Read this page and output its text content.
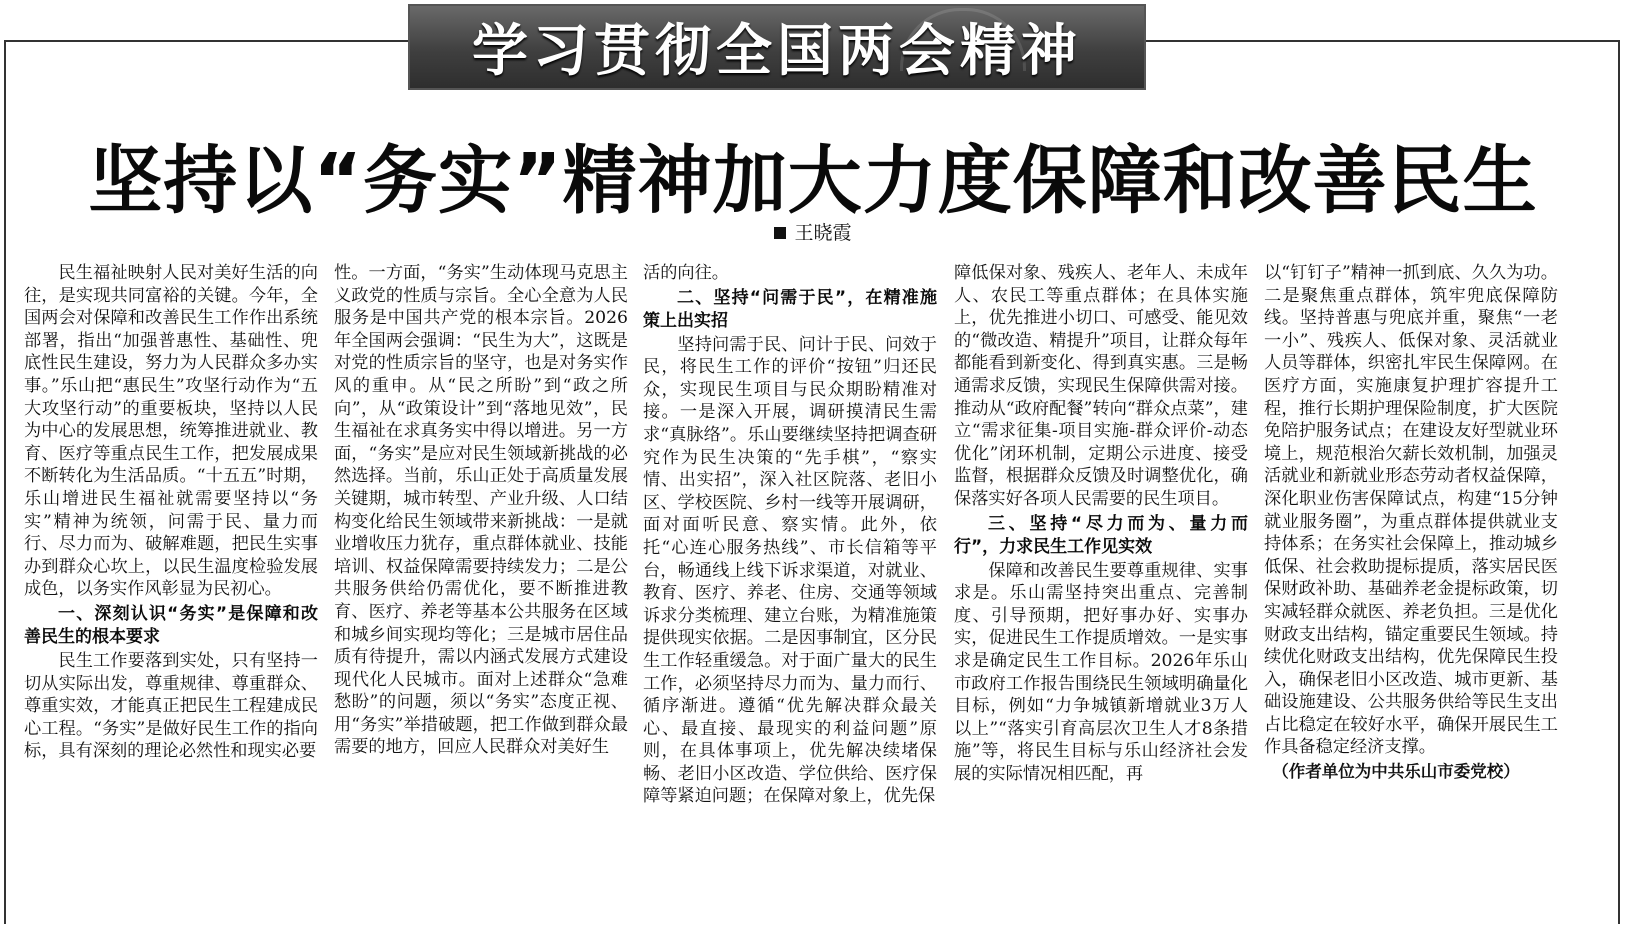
学习贯彻全国两会精神
坚持以“务实”精神加大力度保障和改善民生
王晓霞

民生福祉映射人民对美好生活的向往，是实现共同富裕的关键。今年，全国两会对保障和改善民生工作作出系统部署，指出“加强普惠性、基础性、兜底性民生建设，努力为人民群众多办实事。”乐山把“惠民生”攻坚行动作为“五大攻坚行动”的重要板块，坚持以人民为中心的发展思想，统筹推进就业、教育、医疗等重点民生工作，把发展成果不断转化为生活品质。“十五五”时期，乐山增进民生福祉就需要坚持以“务实”精神为统领，问需于民、量力而行、尽力而为、破解难题，把民生实事办到群众心坎上，以民生温度检验发展成色，以务实作风彰显为民初心。

一、深刻认识“务实”是保障和改善民生的根本要求

民生工作要落到实处，只有坚持一切从实际出发，尊重规律、尊重群众、尊重实效，才能真正把民生工程建成民心工程。“务实”是做好民生工作的指向标，具有深刻的理论必然性和现实必要

性。一方面，“务实”生动体现马克思主义政党的性质与宗旨。全心全意为人民服务是中国共产党的根本宗旨。2026年全国两会强调：“民生为大”，这既是对党的性质宗旨的坚守，也是对务实作风的重申。从“民之所盼”到“政之所向”，从“政策设计”到“落地见效”，民生福祉在求真务实中得以增进。另一方面，“务实”是应对民生领域新挑战的必然选择。当前，乐山正处于高质量发展关键期，城市转型、产业升级、人口结构变化给民生领域带来新挑战：一是就业增收压力犹存，重点群体就业、技能培训、权益保障需要持续发力；二是公共服务供给仍需优化，要不断推进教育、医疗、养老等基本公共服务在区域和城乡间实现均等化；三是城市居住品质有待提升，需以内涵式发展方式建设现代化人民城市。面对上述群众“急难愁盼”的问题，须以“务实”态度正视、用“务实”举措破题，把工作做到群众最需要的地方，回应人民群众对美好生

活的向往。

二、坚持“问需于民”，在精准施策上出实招

坚持问需于民、问计于民、问效于民，将民生工作的评价“按钮”归还民众，实现民生项目与民众期盼精准对接。一是深入开展，调研摸清民生需求“真脉络”。乐山要继续坚持把调查研究作为民生决策的“先手棋”，“察实情、出实招”，深入社区院落、老旧小区、学校医院、乡村一线等开展调研，面对面听民意、察实情。此外，依托“心连心服务热线”、市长信箱等平台，畅通线上线下诉求渠道，对就业、教育、医疗、养老、住房、交通等领域诉求分类梳理、建立台账，为精准施策提供现实依据。二是因事制宜，区分民生工作轻重缓急。对于面广量大的民生工作，必须坚持尽力而为、量力而行、循序渐进。遵循“优先解决群众最关心、最直接、最现实的利益问题”原则，在具体事项上，优先解决续堵保畅、老旧小区改造、学位供给、医疗保障等紧迫问题；在保障对象上，优先保

障低保对象、残疾人、老年人、未成年人、农民工等重点群体；在具体实施上，优先推进小切口、可感受、能见效的“微改造、精提升”项目，让群众每年都能看到新变化、得到真实惠。三是畅通需求反馈，实现民生保障供需对接。推动从“政府配餐”转向“群众点菜”，建立“需求征集-项目实施-群众评价-动态优化”闭环机制，定期公示进度、接受监督，根据群众反馈及时调整优化，确保落实好各项人民需要的民生项目。

三、坚持“尽力而为、量力而行”，力求民生工作见实效

保障和改善民生要尊重规律、实事求是。乐山需坚持突出重点、完善制度、引导预期，把好事办好、实事办实，促进民生工作提质增效。一是实事求是确定民生工作目标。2026年乐山市政府工作报告围绕民生领域明确量化目标，例如“力争城镇新增就业3万人以上”“落实引育高层次卫生人才8条措施”等，将民生目标与乐山经济社会发展的实际情况相匹配，再

以“钉钉子”精神一抓到底、久久为功。二是聚焦重点群体，筑牢兜底保障防线。坚持普惠与兜底并重，聚焦“一老一小”、残疾人、低保对象、灵活就业人员等群体，织密扎牢民生保障网。在医疗方面，实施康复护理扩容提升工程，推行长期护理保险制度，扩大医院免陪护服务试点；在建设友好型就业环境上，规范根治欠薪长效机制，加强灵活就业和新就业形态劳动者权益保障，深化职业伤害保障试点，构建“15分钟就业服务圈”，为重点群体提供就业支持体系；在务实社会保障上，推动城乡低保、社会救助提标提质，落实居民医保财政补助、基础养老金提标政策，切实减轻群众就医、养老负担。三是优化财政支出结构，锚定重要民生领域。持续优化财政支出结构，优先保障民生投入，确保老旧小区改造、城市更新、基础设施建设、公共服务供给等民生支出占比稳定在较好水平，确保开展民生工作具备稳定经济支撑。

（作者单位为中共乐山市委党校）
